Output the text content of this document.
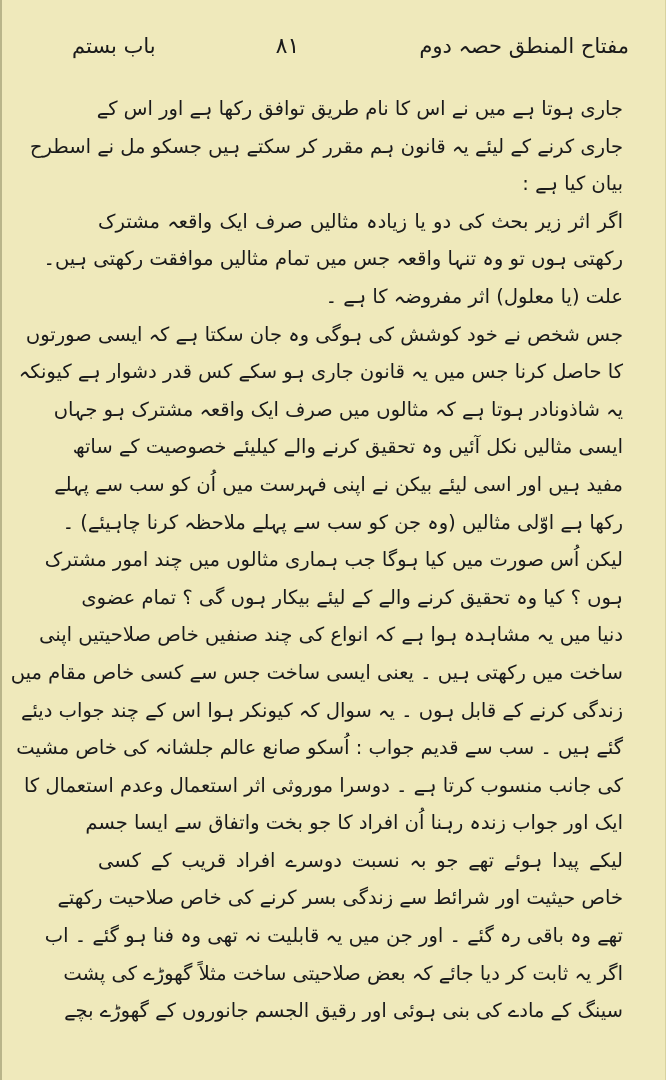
مفتاح المنطق حصہ دوم
۸۱
باب بستم
جاری ہوتا ہے میں نے اس کا نام طریق توافق رکھا ہے اور اس کے
جاری کرنے کے لیئے یہ قانون ہم مقرر کر سکتے ہیں جسکو مل نے اسطرح
بیان کیا ہے :
اگر اثر زیر بحث کی دو یا زیادہ مثالیں صرف ایک واقعہ مشترک
رکھتی ہوں تو وہ تنہا واقعہ جس میں تمام مثالیں موافقت رکھتی ہیں۔
علت (یا معلول) اثر مفروضہ کا ہے ۔
جس شخص نے خود کوشش کی ہوگی وہ جان سکتا ہے کہ ایسی صورتوں
کا حاصل کرنا جس میں یہ قانون جاری ہو سکے کس قدر دشوار ہے کیونکہ
یہ شاذونادر ہوتا ہے کہ مثالوں میں صرف ایک واقعہ مشترک ہو جہاں
ایسی مثالیں نکل آئیں وہ تحقیق کرنے والے کیلیئے خصوصیت کے ساتھ
مفید ہیں اور اسی لیئے بیکن نے اپنی فہرست میں اُن کو سب سے پہلے
رکھا ہے اوّلی مثالیں (وہ جن کو سب سے پہلے ملاحظہ کرنا چاہیئے) ۔
لیکن اُس صورت میں کیا ہوگا جب ہماری مثالوں میں چند امور مشترک
ہوں ؟ کیا وہ تحقیق کرنے والے کے لیئے بیکار ہوں گی ؟ تمام عضوی
دنیا میں یہ مشاہدہ ہوا ہے کہ انواع کی چند صنفیں خاص صلاحیتیں اپنی
ساخت میں رکھتی ہیں ۔ یعنی ایسی ساخت جس سے کسی خاص مقام میں
زندگی کرنے کے قابل ہوں ۔ یہ سوال کہ کیونکر ہوا اس کے چند جواب دیئے
گئے ہیں ۔ سب سے قدیم جواب : اُسکو صانع عالم جلشانہ کی خاص مشیت
کی جانب منسوب کرتا ہے ۔ دوسرا موروثی اثر استعمال وعدم استعمال کا
ایک اور جواب زندہ رہنا اُن افراد کا جو بخت واتفاق سے ایسا جسم
لیکے پیدا ہوئے تھے جو بہ نسبت دوسرے افراد قریب کے کسی
خاص حیثیت اور شرائط سے زندگی بسر کرنے کی خاص صلاحیت رکھتے
تھے وہ باقی رہ گئے ۔ اور جن میں یہ قابلیت نہ تھی وہ فنا ہو گئے ۔ اب
اگر یہ ثابت کر دیا جائے کہ بعض صلاحیتی ساخت مثلاً گھوڑے کی پشت
سینگ کے مادے کی بنی ہوئی اور رقیق الجسم جانوروں کے گھوڑے بچے
